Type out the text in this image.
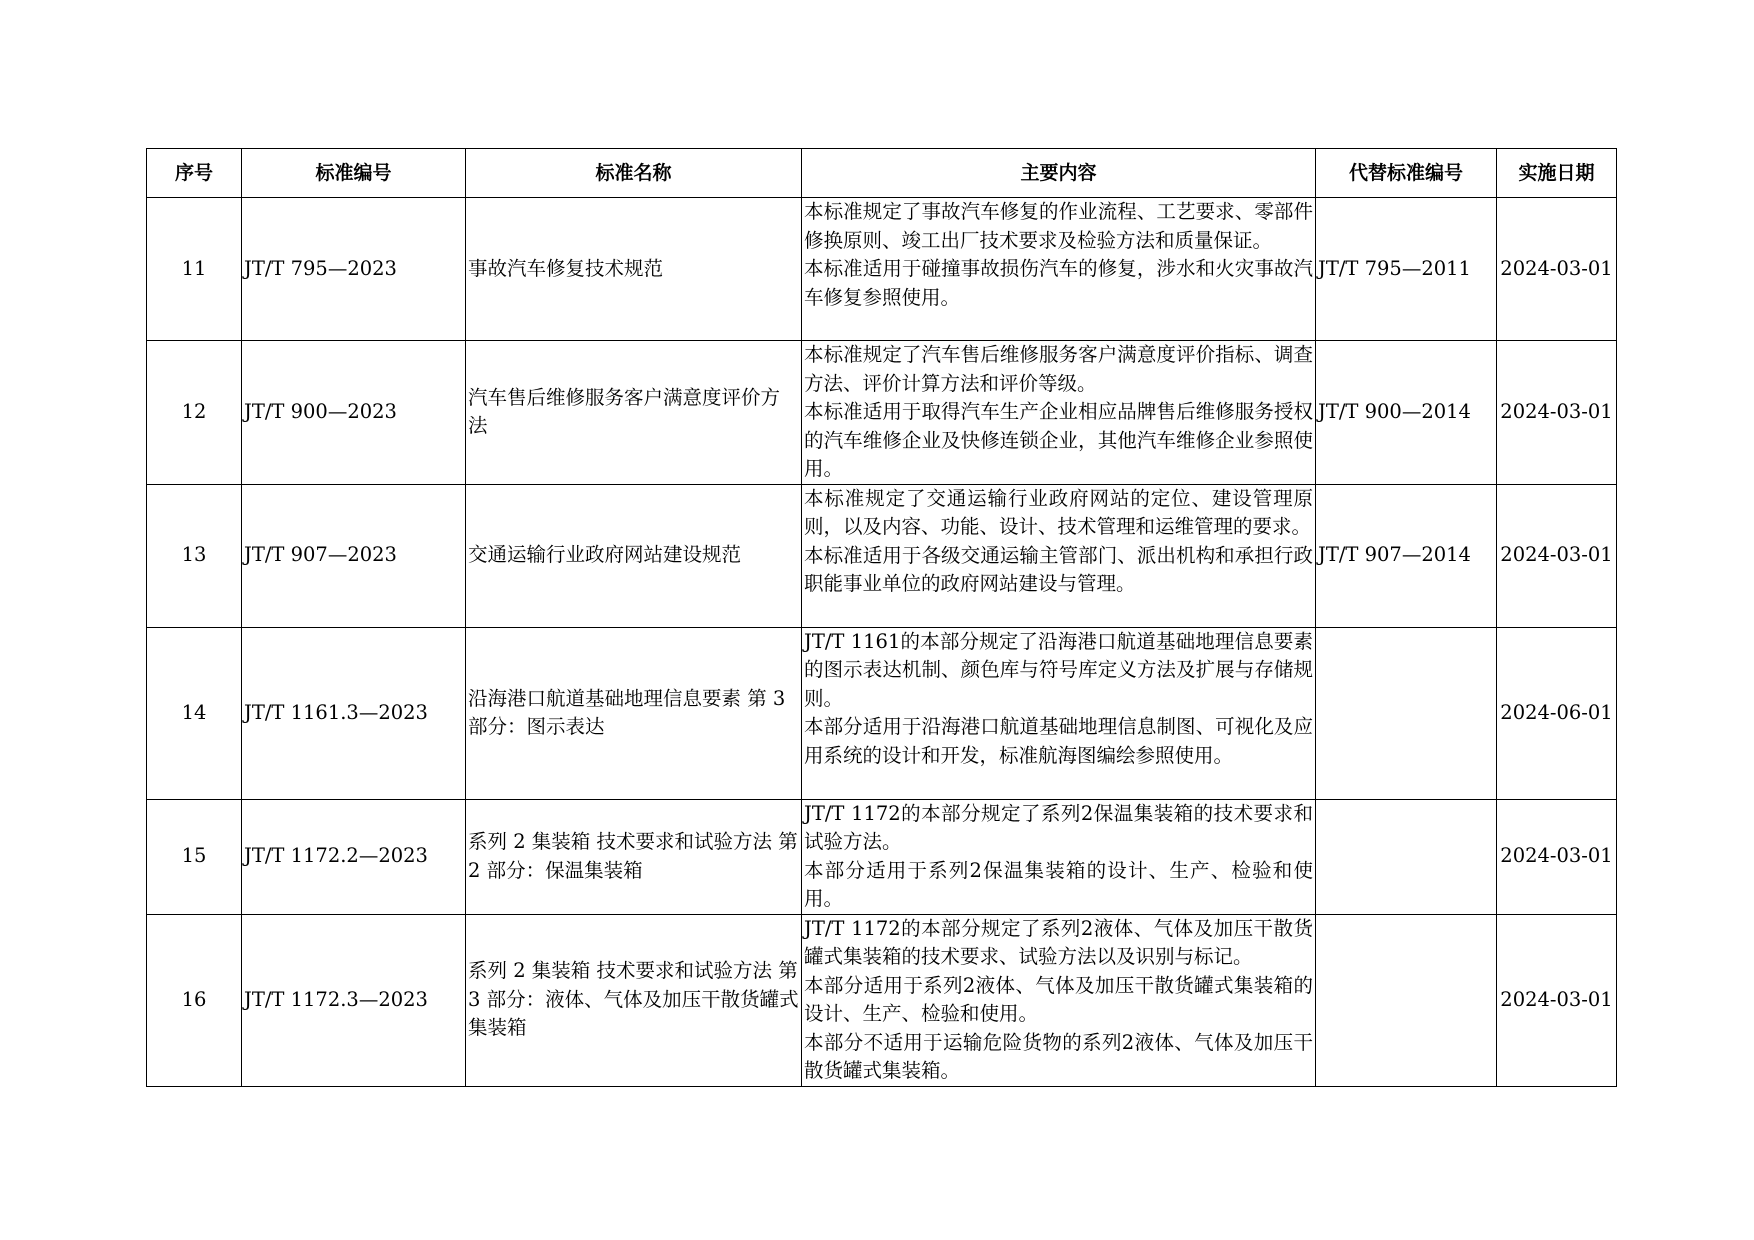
序号	标准编号	标准名称	主要内容	代替标准编号	实施日期
11	JT/T 795—2023	事故汽车修复技术规范	本标准规定了事故汽车修复的作业流程、工艺要求、零部件修换原则、竣工出厂技术要求及检验方法和质量保证。
本标准适用于碰撞事故损伤汽车的修复，涉水和火灾事故汽车修复参照使用。	JT/T 795—2011	2024-03-01
12	JT/T 900—2023	汽车售后维修服务客户满意度评价方法	本标准规定了汽车售后维修服务客户满意度评价指标、调查方法、评价计算方法和评价等级。
本标准适用于取得汽车生产企业相应品牌售后维修服务授权的汽车维修企业及快修连锁企业，其他汽车维修企业参照使用。	JT/T 900—2014	2024-03-01
13	JT/T 907—2023	交通运输行业政府网站建设规范	本标准规定了交通运输行业政府网站的定位、建设管理原则，以及内容、功能、设计、技术管理和运维管理的要求。
本标准适用于各级交通运输主管部门、派出机构和承担行政职能事业单位的政府网站建设与管理。	JT/T 907—2014	2024-03-01
14	JT/T 1161.3—2023	沿海港口航道基础地理信息要素 第 3 部分：图示表达	JT/T 1161的本部分规定了沿海港口航道基础地理信息要素的图示表达机制、颜色库与符号库定义方法及扩展与存储规则。
本部分适用于沿海港口航道基础地理信息制图、可视化及应用系统的设计和开发，标准航海图编绘参照使用。		2024-06-01
15	JT/T 1172.2—2023	系列 2 集装箱 技术要求和试验方法 第 2 部分：保温集装箱	JT/T 1172的本部分规定了系列2保温集装箱的技术要求和试验方法。
本部分适用于系列2保温集装箱的设计、生产、检验和使用。		2024-03-01
16	JT/T 1172.3—2023	系列 2 集装箱 技术要求和试验方法 第 3 部分：液体、气体及加压干散货罐式集装箱	JT/T 1172的本部分规定了系列2液体、气体及加压干散货罐式集装箱的技术要求、试验方法以及识别与标记。
本部分适用于系列2液体、气体及加压干散货罐式集装箱的设计、生产、检验和使用。
本部分不适用于运输危险货物的系列2液体、气体及加压干散货罐式集装箱。		2024-03-01
